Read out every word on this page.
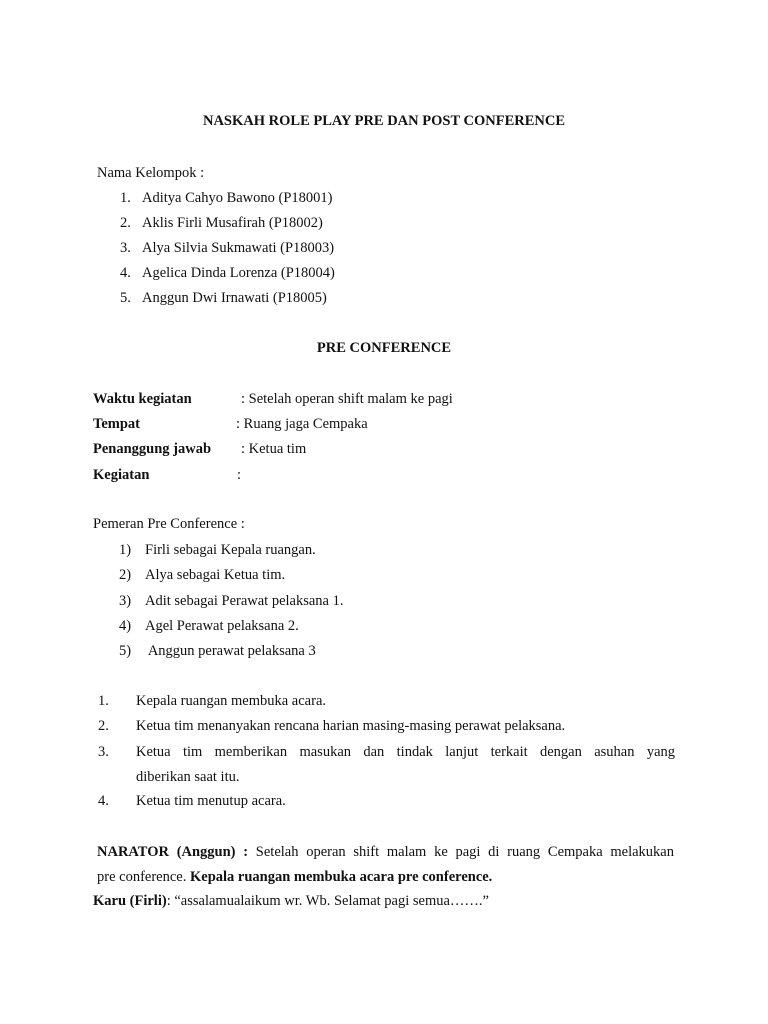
NASKAH ROLE PLAY PRE DAN POST CONFERENCE
Nama Kelompok :
1. Aditya Cahyo Bawono (P18001)
2. Aklis Firli Musafirah (P18002)
3. Alya Silvia Sukmawati (P18003)
4. Agelica Dinda Lorenza (P18004)
5. Anggun Dwi Irnawati (P18005)
PRE CONFERENCE
Waktu kegiatan	: Setelah operan shift malam ke pagi
Tempat	: Ruang jaga Cempaka
Penanggung jawab : Ketua tim
Kegiatan	:
Pemeran Pre Conference :
1) Firli sebagai Kepala ruangan.
2) Alya sebagai Ketua tim.
3) Adit sebagai Perawat pelaksana 1.
4) Agel Perawat pelaksana 2.
5) Anggun perawat pelaksana 3
1. Kepala ruangan membuka acara.
2. Ketua tim menanyakan rencana harian masing-masing perawat pelaksana.
3. Ketua tim memberikan masukan dan tindak lanjut terkait dengan asuhan yang
diberikan saat itu.
4. Ketua tim menutup acara.
NARATOR (Anggun) : Setelah operan shift malam ke pagi di ruang Cempaka melakukan
pre conference. Kepala ruangan membuka acara pre conference.
Karu (Firli): “assalamualaikum wr. Wb. Selamat pagi semua…….”
